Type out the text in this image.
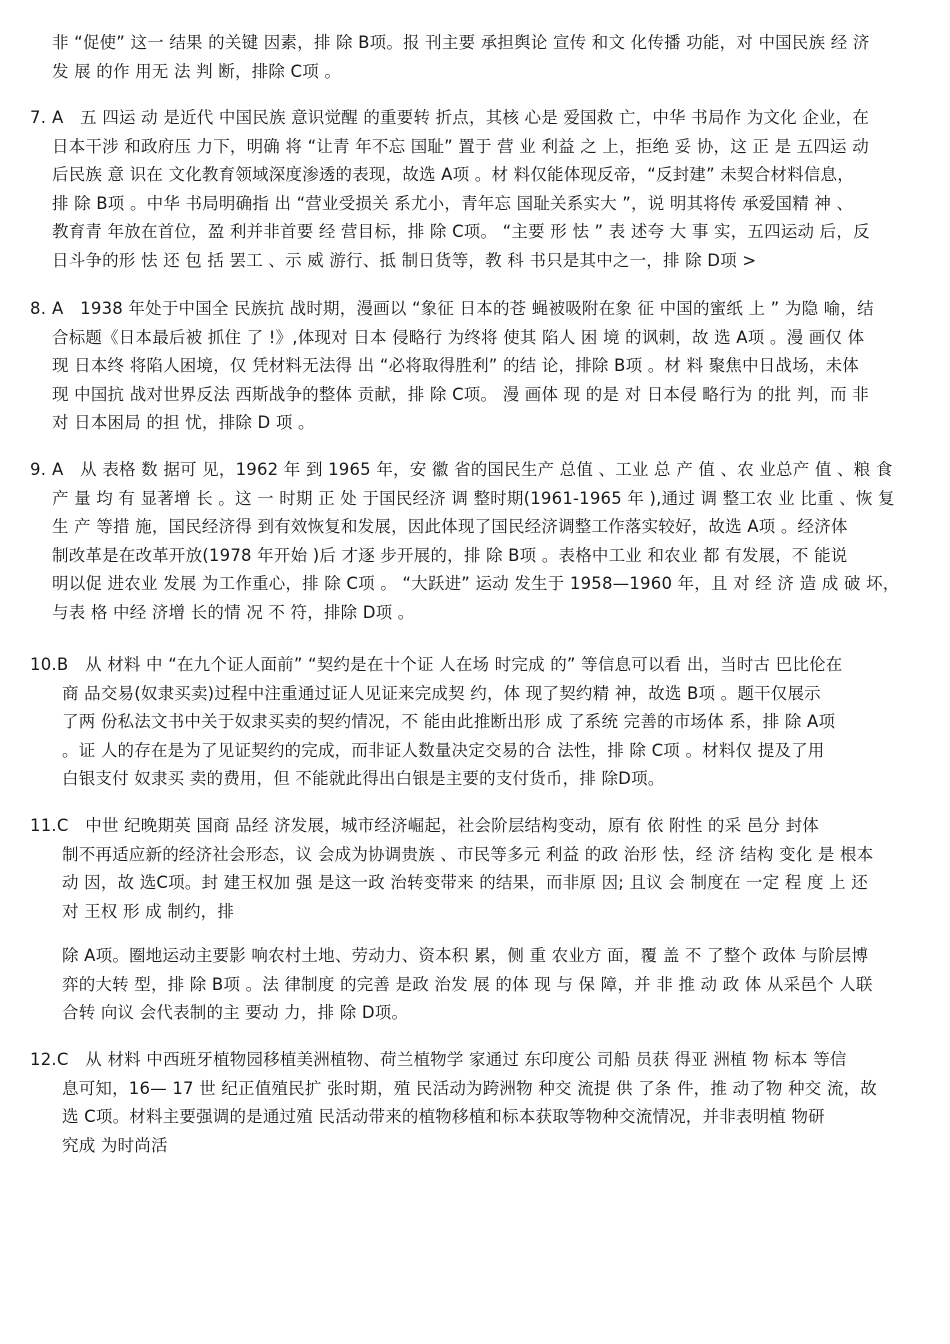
非 “促使” 这一 结果 的关键 因素，排 除 B项。报 刊主要 承担舆论 宣传 和文 化传播 功能，对 中国民族 经 济
发 展 的作 用无 法 判 断，排除 C项 。
7. A　五 四运 动 是近代 中国民族 意识觉醒 的重要转 折点，其核 心是 爱国救 亡，中华 书局作 为文化 企业，在
日本干涉 和政府压 力下，明确 将 “让青 年不忘 国耻” 置于 营 业 利益 之 上，拒绝 妥 协，这 正 是 五四运 动
后民族 意 识在 文化教育领域深度渗透的表现，故选 A项 。材 料仅能体现反帝，“反封建” 未契合材料信息，
排 除 B项 。中华 书局明确指 出 “营业受损关 系尤小，青年忘 国耻关系实大 ”，说 明其将传 承爱国精 神 、
教育青 年放在首位，盈 利并非首要 经 营目标，排 除 C项。 “主要 形 怯 ” 表 述夸 大 事 实，五四运动 后，反
日斗争的形 怯 还 包 括 罢工 、示 威 游行、抵 制日货等，教 科 书只是其中之一，排 除 D项 >
8. A　1938 年处于中国全 民族抗 战时期，漫画以 “象征 日本的苍 蝇被吸附在象 征 中国的蜜纸 上 ” 为隐 喻，结
合标题《日本最后被 抓住 了 !》,体现对 日本 侵略行 为终将 使其 陷人 困 境 的讽刺，故 选 A项 。漫 画仅 体
现 日本终 将陷人困境，仅 凭材料无法得 出 “必将取得胜利” 的结 论，排除 B项 。材 料 聚焦中日战场，未体
现 中国抗 战对世界反法 西斯战争的整体 贡献，排 除 C项。 漫 画体 现 的是 对 日本侵 略行为 的批 判，而 非
对 日本困局 的担 忧，排除 D 项 。
9. A　从 表格 数 据可 见，1962 年 到 1965 年，安 徽 省的国民生产 总值 、工业 总 产 值 、农 业总产 值 、粮 食
产 量 均 有 显著增 长 。这 一 时期 正 处 于国民经济 调 整时期(1961-1965 年 ),通过 调 整工农 业 比重 、恢 复
生 产 等措 施，国民经济得 到有效恢复和发展，因此体现了国民经济调整工作落实较好，故选 A项 。经济体
制改革是在改革开放(1978 年开始 )后 才逐 步开展的，排 除 B项 。表格中工业 和农业 都 有发展，不 能说
明以促 进农业 发展 为工作重心，排 除 C项 。 “大跃进” 运动 发生于 1958—1960 年，且 对 经 济 造 成 破 坏，
与表 格 中经 济增 长的情 况 不 符，排除 D项 。
10.B　从 材料 中 “在九个证人面前” “契约是在十个证 人在场 时完成 的” 等信息可以看 出，当时古 巴比伦在
商 品交易(奴隶买卖)过程中注重通过证人见证来完成契 约，体 现了契约精 神，故选 B项 。题干仅展示
了两 份私法文书中关于奴隶买卖的契约情况，不 能由此推断出形 成 了系统 完善的市场体 系，排 除 A项
。证 人的存在是为了见证契约的完成，而非证人数量决定交易的合 法性，排 除 C项 。材料仅 提及了用
白银支付 奴隶买 卖的费用，但 不能就此得出白银是主要的支付货币，排 除D项。
11.C　中世 纪晚期英 国商 品经 济发展，城市经济崛起，社会阶层结构变动，原有 依 附性 的采 邑分 封体
制不再适应新的经济社会形态，议 会成为协调贵族 、市民等多元 利益 的政 治形 怯，经 济 结构 变化 是 根本
动 因，故 选C项。封 建王权加 强 是这一政 治转变带来 的结果，而非原 因; 且议 会 制度在 一定 程 度 上 还
对 王权 形 成 制约，排
除 A项。圈地运动主要影 响农村土地、劳动力、资本积 累，侧 重 农业方 面，覆 盖 不 了整个 政体 与阶层博
弈的大转 型，排 除 B项 。法 律制度 的完善 是政 治发 展 的体 现 与 保 障，并 非 推 动 政 体 从采邑个 人联
合转 向议 会代表制的主 要动 力，排 除 D项。
12.C　从 材料 中西班牙植物园移植美洲植物、荷兰植物学 家通过 东印度公 司船 员获 得亚 洲植 物 标本 等信
息可知，16— 17 世 纪正值殖民扩 张时期，殖 民活动为跨洲物 种交 流提 供 了条 件，推 动了物 种交 流，故
选 C项。材料主要强调的是通过殖 民活动带来的植物移植和标本获取等物种交流情况，并非表明植 物研
究成 为时尚活
